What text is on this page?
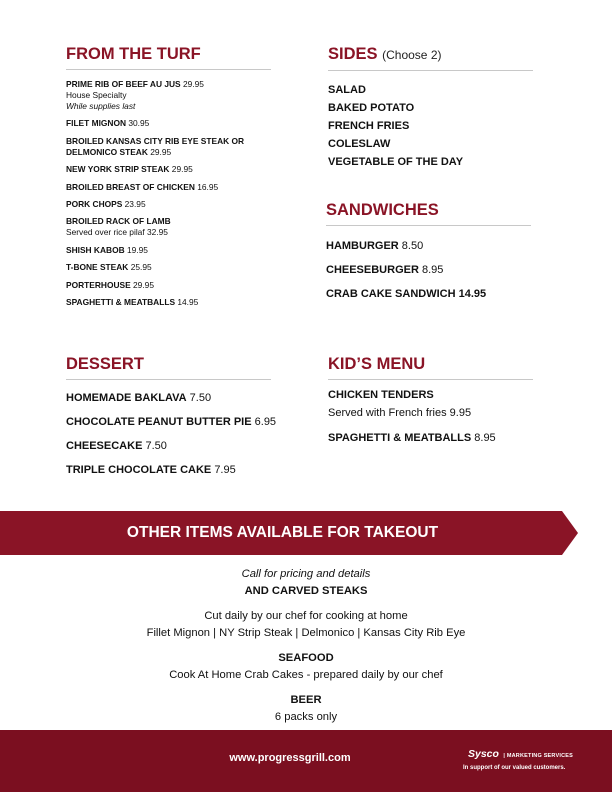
FROM THE TURF
PRIME RIB OF BEEF AU JUS 29.95
House Specialty
While supplies last
FILET MIGNON 30.95
BROILED KANSAS CITY RIB EYE STEAK OR
DELMONICO STEAK 29.95
NEW YORK STRIP STEAK 29.95
BROILED BREAST OF CHICKEN 16.95
PORK CHOPS 23.95
BROILED RACK OF LAMB
Served over rice pilaf 32.95
SHISH KABOB 19.95
T-BONE STEAK 25.95
PORTERHOUSE 29.95
SPAGHETTI & MEATBALLS 14.95
SIDES (Choose 2)
SALAD
BAKED POTATO
FRENCH FRIES
COLESLAW
VEGETABLE OF THE DAY
SANDWICHES
HAMBURGER 8.50
CHEESEBURGER 8.95
CRAB CAKE SANDWICH 14.95
DESSERT
HOMEMADE BAKLAVA 7.50
CHOCOLATE PEANUT BUTTER PIE 6.95
CHEESECAKE 7.50
TRIPLE CHOCOLATE CAKE 7.95
KID’S MENU
CHICKEN TENDERS
Served with French fries 9.95
SPAGHETTI & MEATBALLS 8.95
OTHER ITEMS AVAILABLE FOR TAKEOUT
Call for pricing and details
AND CARVED STEAKS
Cut daily by our chef for cooking at home
Fillet Mignon | NY Strip Steak | Delmonico | Kansas City Rib Eye
SEAFOOD
Cook At Home Crab Cakes - prepared daily by our chef
BEER
6 packs only
www.progressgrill.com	Sysco | MARKETING SERVICES
In support of our valued customers.
